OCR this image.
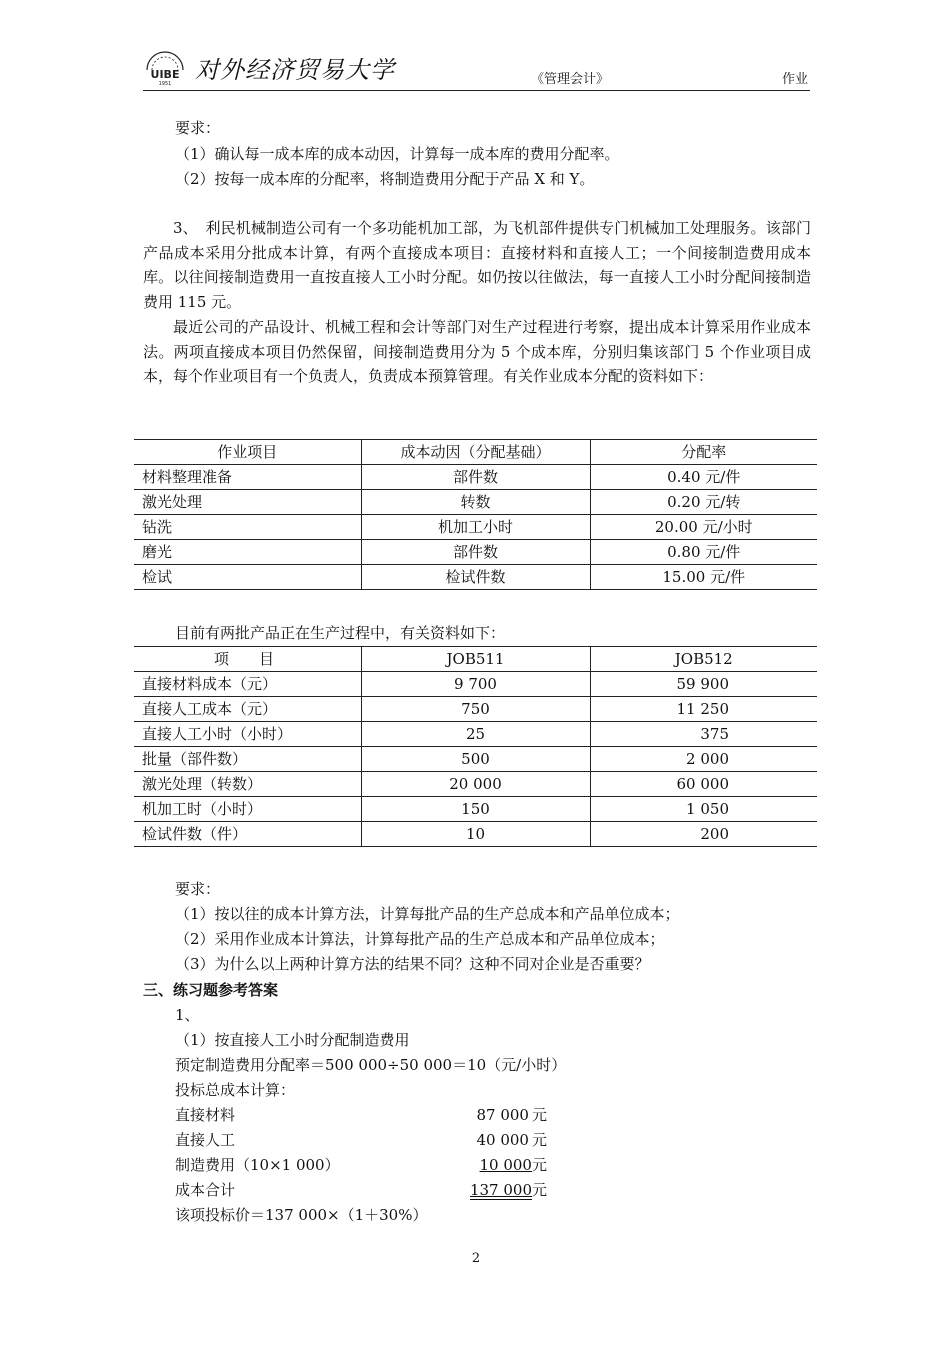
UIBE
1951 对外经济贸易大学	《管理会计》	作业
要求：
（1）确认每一成本库的成本动因，计算每一成本库的费用分配率。
（2）按每一成本库的分配率，将制造费用分配于产品 X 和 Y。
3、　利民机械制造公司有一个多功能机加工部，为飞机部件提供专门机械加工处理服务。该部门产品成本采用分批成本计算，有两个直接成本项目：直接材料和直接人工；一个间接制造费用成本库。以往间接制造费用一直按直接人工小时分配。如仍按以往做法，每一直接人工小时分配间接制造费用 115 元。
最近公司的产品设计、机械工程和会计等部门对生产过程进行考察，提出成本计算采用作业成本法。两项直接成本项目仍然保留，间接制造费用分为 5 个成本库，分别归集该部门 5 个作业项目成本，每个作业项目有一个负责人，负责成本预算管理。有关作业成本分配的资料如下：
作业项目	成本动因（分配基础）	分配率
材料整理准备	部件数	0.40 元/件
激光处理	转数	0.20 元/转
钻洗	机加工小时	20.00 元/小时
磨光	部件数	0.80 元/件
检试	检试件数	15.00 元/件
目前有两批产品正在生产过程中，有关资料如下：
项　　目	JOB511	JOB512
直接材料成本（元）	9 700	59 900
直接人工成本（元）	750	11 250
直接人工小时（小时）	25	375
批量（部件数）	500	2 000
激光处理（转数）	20 000	60 000
机加工时（小时）	150	1 050
检试件数（件）	10	200
要求：
（1）按以往的成本计算方法，计算每批产品的生产总成本和产品单位成本；
（2）采用作业成本计算法，计算每批产品的生产总成本和产品单位成本；
（3）为什么以上两种计算方法的结果不同？这种不同对企业是否重要？
三、练习题参考答案
1、
（1）按直接人工小时分配制造费用
预定制造费用分配率＝500 000÷50 000＝10（元/小时）
投标总成本计算：
直接材料	87 000 元
直接人工	40 000 元
制造费用（10×1 000）	10 000元
成本合计	137 000元
该项投标价＝137 000×（1＋30%）
2
